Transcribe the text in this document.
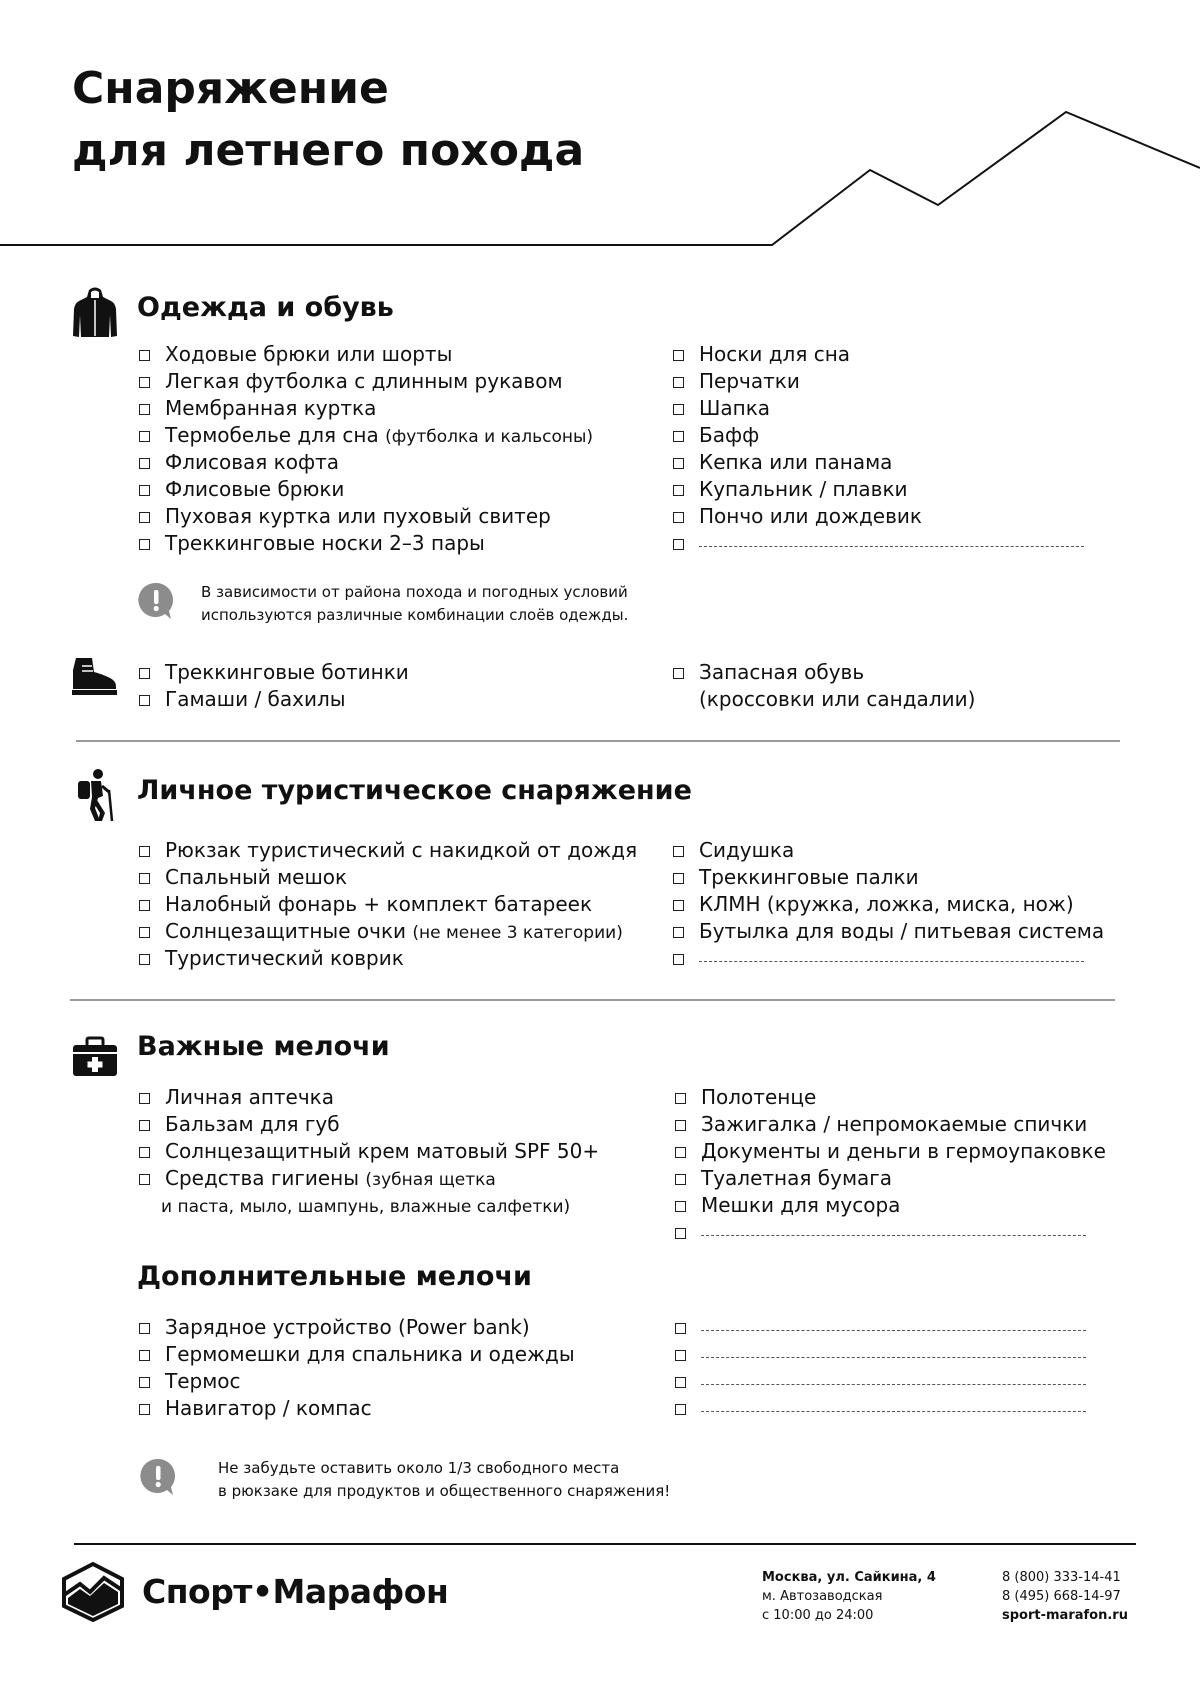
Снаряжение
для летнего похода
Одежда и обувь
Ходовые брюки или шорты
Легкая футболка с длинным рукавом
Мембранная куртка
Термобелье для сна (футболка и кальсоны)
Флисовая кофта
Флисовые брюки
Пуховая куртка или пуховый свитер
Треккинговые носки 2–3 пары
Носки для сна
Перчатки
Шапка
Бафф
Кепка или панама
Купальник / плавки
Пончо или дождевик
В зависимости от района похода и погодных условий
используются различные комбинации слоёв одежды.
Треккинговые ботинки
Гамаши / бахилы
Запасная обувь
(кроссовки или сандалии)
Личное туристическое снаряжение
Рюкзак туристический с накидкой от дождя
Спальный мешок
Налобный фонарь + комплект батареек
Солнцезащитные очки (не менее 3 категории)
Туристический коврик
Сидушка
Треккинговые палки
КЛМН (кружка, ложка, миска, нож)
Бутылка для воды / питьевая система
Важные мелочи
Личная аптечка
Бальзам для губ
Солнцезащитный крем матовый SPF 50+
Средства гигиены (зубная щетка
и паста, мыло, шампунь, влажные салфетки)
Полотенце
Зажигалка / непромокаемые спички
Документы и деньги в гермоупаковке
Туалетная бумага
Мешки для мусора
Дополнительные мелочи
Зарядное устройство (Power bank)
Гермомешки для спальника и одежды
Термос
Навигатор / компас
Не забудьте оставить около 1/3 свободного места
в рюкзаке для продуктов и общественного снаряжения!
Спорт•Марафон	Москва, ул. Сайкина, 4
м. Автозаводская
с 10:00 до 24:00
8 (800) 333-14-41
8 (495) 668-14-97
sport-marafon.ru
